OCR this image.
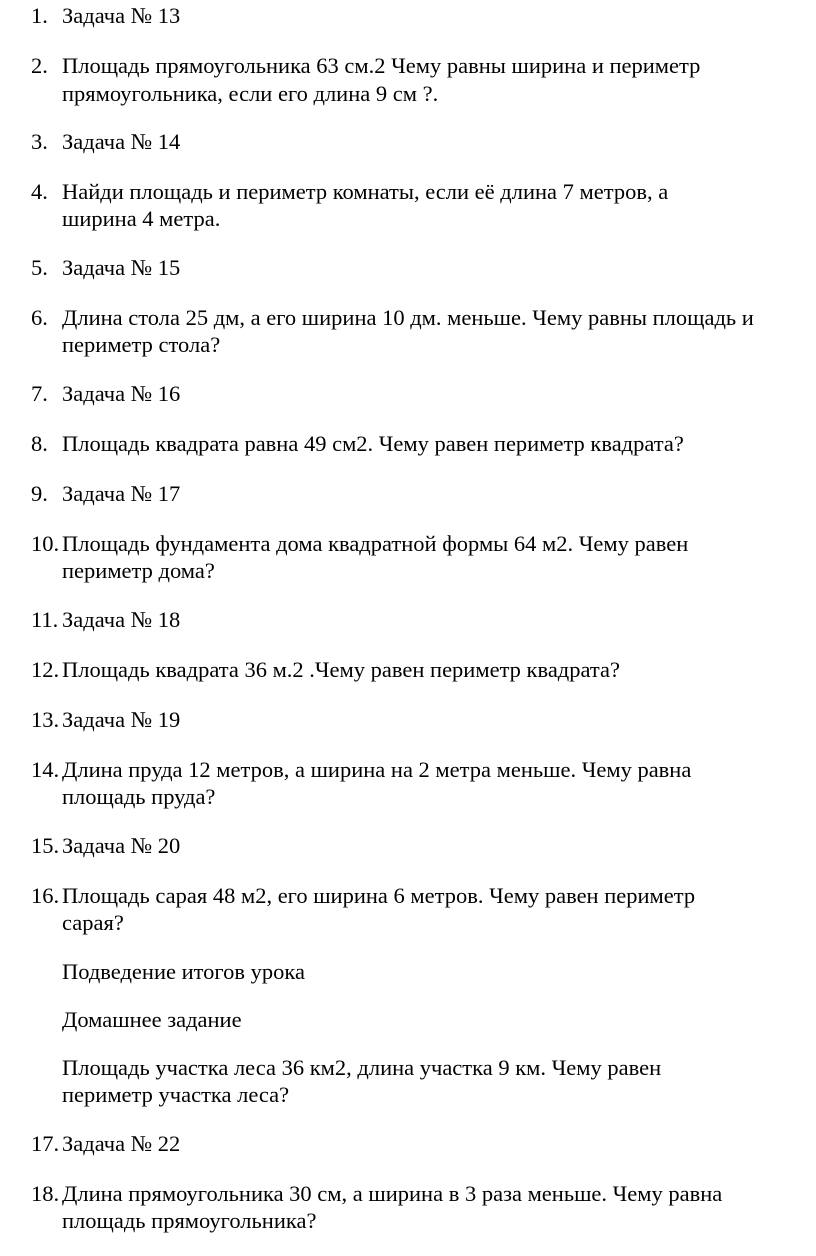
1. Задача № 13
2. Площадь прямоугольника 63 см.2 Чему равны ширина и периметр
прямоугольника, если его длина 9 см ?.
3. Задача № 14
4. Найди площадь и периметр комнаты, если её длина 7 метров, а
ширина 4 метра.
5. Задача № 15
6. Длина стола 25 дм, а его ширина 10 дм. меньше. Чему равны площадь и
периметр стола?
7. Задача № 16
8. Площадь квадрата равна 49 см2. Чему равен периметр квадрата?
9. Задача № 17
10. Площадь фундамента дома квадратной формы 64 м2. Чему равен
периметр дома?
11. Задача № 18
12. Площадь квадрата 36 м.2 .Чему равен периметр квадрата?
13. Задача № 19
14. Длина пруда 12 метров, а ширина на 2 метра меньше. Чему равна
площадь пруда?
15. Задача № 20
16. Площадь сарая 48 м2, его ширина 6 метров. Чему равен периметр
сарая?
Подведение итогов урока
Домашнее задание
Площадь участка леса 36 км2, длина участка 9 км. Чему равен
периметр участка леса?
17. Задача № 22
18. Длина прямоугольника 30 см, а ширина в 3 раза меньше. Чему равна
площадь прямоугольника?
